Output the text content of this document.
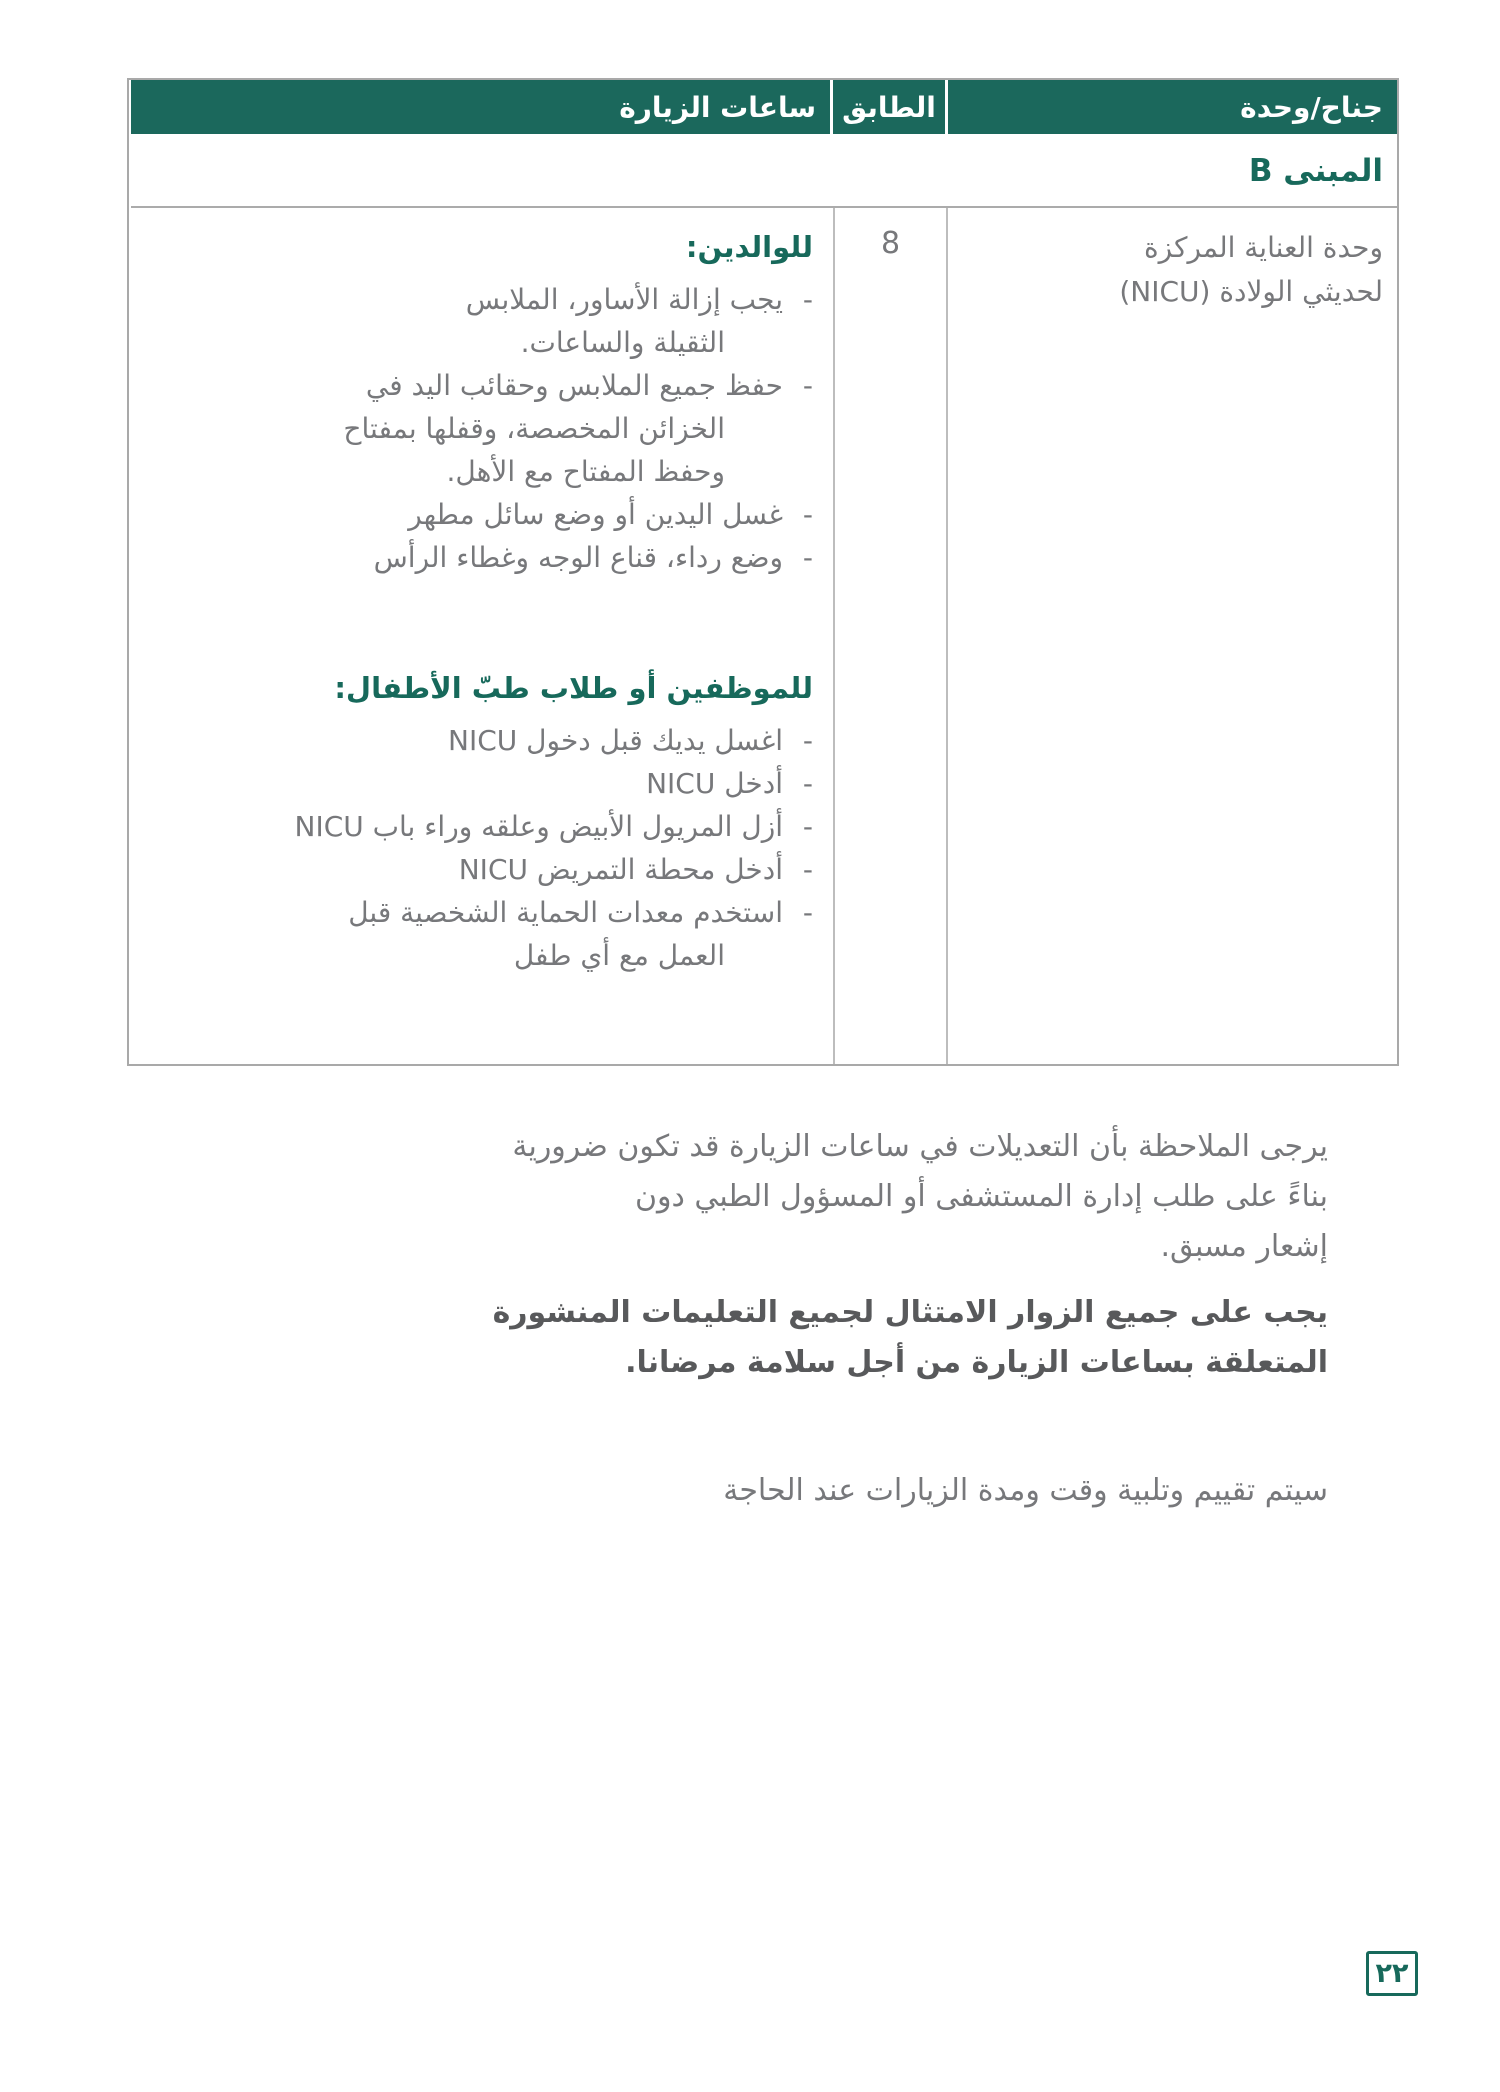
جناح/وحدة
الطابق
ساعات الزيارة
المبنى B
وحدة العناية المركزة
لحديثي الولادة (NICU)
8
للوالدين:
-
يجب إزالة الأساور، الملابس
الثقيلة والساعات.
-
حفظ جميع الملابس وحقائب اليد في
الخزائن المخصصة، وقفلها بمفتاح
وحفظ المفتاح مع الأهل.
-
غسل اليدين أو وضع سائل مطهر
-
وضع رداء، قناع الوجه وغطاء الرأس
للموظفين أو طلاب طبّ الأطفال:
-
اغسل يديك قبل دخول NICU
-
أدخل NICU
-
أزل المريول الأبيض وعلقه وراء باب NICU
-
أدخل محطة التمريض NICU
-
استخدم معدات الحماية الشخصية قبل
العمل مع أي طفل
يرجى الملاحظة بأن التعديلات في ساعات الزيارة قد تكون ضرورية
بناءً على طلب إدارة المستشفى أو المسؤول الطبي دون
إشعار مسبق.
يجب على جميع الزوار الامتثال لجميع التعليمات المنشورة
المتعلقة بساعات الزيارة من أجل سلامة مرضانا.
سيتم تقييم وتلبية وقت ومدة الزيارات عند الحاجة
٢٢
